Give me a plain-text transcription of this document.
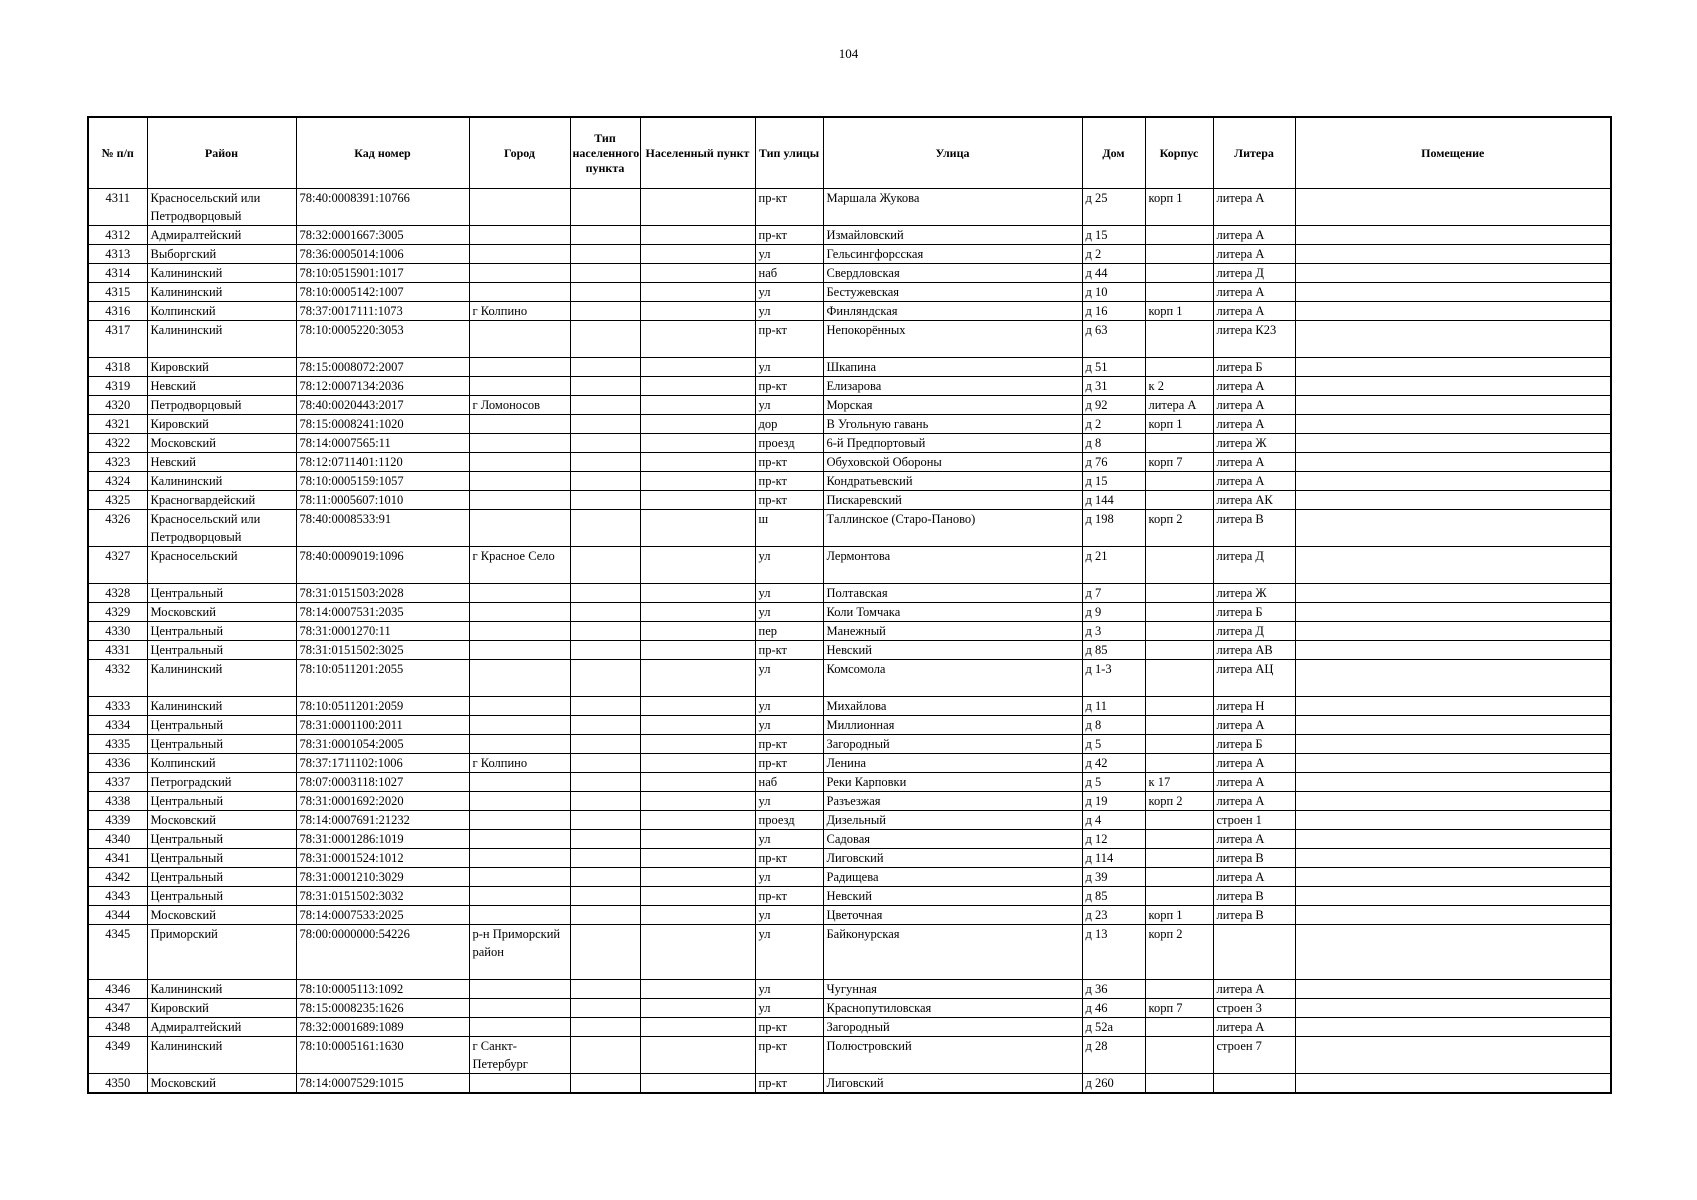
104
№ п/п	Район	Кад номер	Город	Тип населенного пункта	Населенный пункт	Тип улицы	Улица	Дом	Корпус	Литера	Помещение
4311	Красносельский или Петродворцовый	78:40:0008391:10766				пр-кт	Маршала Жукова	д 25	корп 1	литера А	
4312	Адмиралтейский	78:32:0001667:3005				пр-кт	Измайловский	д 15		литера А	
4313	Выборгский	78:36:0005014:1006				ул	Гельсингфорсская	д 2		литера А	
4314	Калининский	78:10:0515901:1017				наб	Свердловская	д 44		литера Д	
4315	Калининский	78:10:0005142:1007				ул	Бестужевская	д 10		литера А	
4316	Колпинский	78:37:0017111:1073	г Колпино			ул	Финляндская	д 16	корп 1	литера А	
4317	Калининский	78:10:0005220:3053				пр-кт	Непокорённых	д 63		литера К23	
4318	Кировский	78:15:0008072:2007				ул	Шкапина	д 51		литера Б	
4319	Невский	78:12:0007134:2036				пр-кт	Елизарова	д 31	к 2	литера А	
4320	Петродворцовый	78:40:0020443:2017	г Ломоносов			ул	Морская	д 92	литера А	литера А	
4321	Кировский	78:15:0008241:1020				дор	В Угольную гавань	д 2	корп 1	литера А	
4322	Московский	78:14:0007565:11				проезд	6-й Предпортовый	д 8		литера Ж	
4323	Невский	78:12:0711401:1120				пр-кт	Обуховской Обороны	д 76	корп 7	литера А	
4324	Калининский	78:10:0005159:1057				пр-кт	Кондратьевский	д 15		литера А	
4325	Красногвардейский	78:11:0005607:1010				пр-кт	Пискаревский	д 144		литера АК	
4326	Красносельский или Петродворцовый	78:40:0008533:91				ш	Таллинское (Старо-Паново)	д 198	корп 2	литера В	
4327	Красносельский	78:40:0009019:1096	г Красное Село			ул	Лермонтова	д 21		литера Д	
4328	Центральный	78:31:0151503:2028				ул	Полтавская	д 7		литера Ж	
4329	Московский	78:14:0007531:2035				ул	Коли Томчака	д 9		литера Б	
4330	Центральный	78:31:0001270:11				пер	Манежный	д 3		литера Д	
4331	Центральный	78:31:0151502:3025				пр-кт	Невский	д 85		литера АВ	
4332	Калининский	78:10:0511201:2055				ул	Комсомола	д 1-3		литера АЦ	
4333	Калининский	78:10:0511201:2059				ул	Михайлова	д 11		литера Н	
4334	Центральный	78:31:0001100:2011				ул	Миллионная	д 8		литера А	
4335	Центральный	78:31:0001054:2005				пр-кт	Загородный	д 5		литера Б	
4336	Колпинский	78:37:1711102:1006	г Колпино			пр-кт	Ленина	д 42		литера А	
4337	Петроградский	78:07:0003118:1027				наб	Реки Карповки	д 5	к 17	литера А	
4338	Центральный	78:31:0001692:2020				ул	Разъезжая	д 19	корп 2	литера А	
4339	Московский	78:14:0007691:21232				проезд	Дизельный	д 4		строен 1	
4340	Центральный	78:31:0001286:1019				ул	Садовая	д 12		литера А	
4341	Центральный	78:31:0001524:1012				пр-кт	Лиговский	д 114		литера В	
4342	Центральный	78:31:0001210:3029				ул	Радищева	д 39		литера А	
4343	Центральный	78:31:0151502:3032				пр-кт	Невский	д 85		литера В	
4344	Московский	78:14:0007533:2025				ул	Цветочная	д 23	корп 1	литера В	
4345	Приморский	78:00:0000000:54226	р-н Приморский район			ул	Байконурская	д 13	корп 2		
4346	Калининский	78:10:0005113:1092				ул	Чугунная	д 36		литера А	
4347	Кировский	78:15:0008235:1626				ул	Краснопутиловская	д 46	корп 7	строен 3	
4348	Адмиралтейский	78:32:0001689:1089				пр-кт	Загородный	д 52а		литера А	
4349	Калининский	78:10:0005161:1630	г Санкт-Петербург			пр-кт	Полюстровский	д 28		строен 7	
4350	Московский	78:14:0007529:1015				пр-кт	Лиговский	д 260			
